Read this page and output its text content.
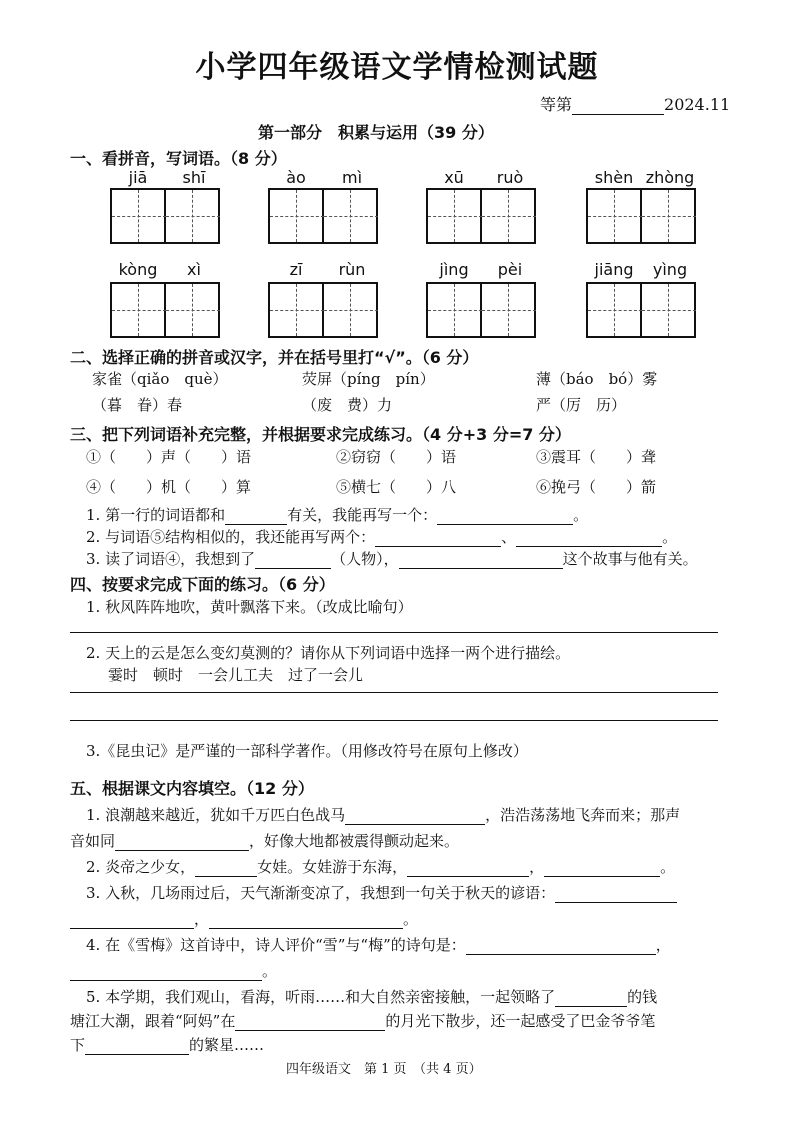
小学四年级语文学情检测试题
等第	2024.11
第一部分　积累与运用（39 分）
一、看拼音，写词语。（8 分）
jiā	shī	ào	mì	xū	ruò	shèn zhòng
kòng	xì	zī	rùn	jìng	pèi	jiāng	yìng
二、选择正确的拼音或汉字，并在括号里打“√”。（6 分）
家雀（qiǎo　què）	荧屏（píng　pín）	薄（báo　bó）雾
（暮　眷）春	（废　费）力	严（厉　历）
三、把下列词语补充完整，并根据要求完成练习。（4 分+3 分=7 分）
①（　　）声（　　）语	②窃窃（　　）语	③震耳（　　）聋
④（　　）机（　　）算	⑤横七（　　）八	⑥挽弓（　　）箭
1. 第一行的词语都和	有关，我能再写一个：	。
2. 与词语⑤结构相似的，我还能再写两个：	、	。
3. 读了词语④，我想到了	（人物），	这个故事与他有关。
四、按要求完成下面的练习。（6 分）
1. 秋风阵阵地吹，黄叶飘落下来。（改成比喻句）
2. 天上的云是怎么变幻莫测的？请你从下列词语中选择一两个进行描绘。
霎时　顿时　一会儿工夫　过了一会儿
3.《昆虫记》是严谨的一部科学著作。（用修改符号在原句上修改）
五、根据课文内容填空。（12 分）
1. 浪潮越来越近，犹如千万匹白色战马	，浩浩荡荡地飞奔而来；那声
音如同	，好像大地都被震得颤动起来。
2. 炎帝之少女，	女娃。女娃游于东海，	，	。
3. 入秋，几场雨过后，天气渐渐变凉了，我想到一句关于秋天的谚语：
，	。
4. 在《雪梅》这首诗中，诗人评价“雪”与“梅”的诗句是：	，
。
5. 本学期，我们观山，看海，听雨……和大自然亲密接触，一起领略了	的钱
塘江大潮，跟着“阿妈”在	的月光下散步，还一起感受了巴金爷爷笔
下	的繁星……
四年级语文　第 1 页　（共 4 页）
